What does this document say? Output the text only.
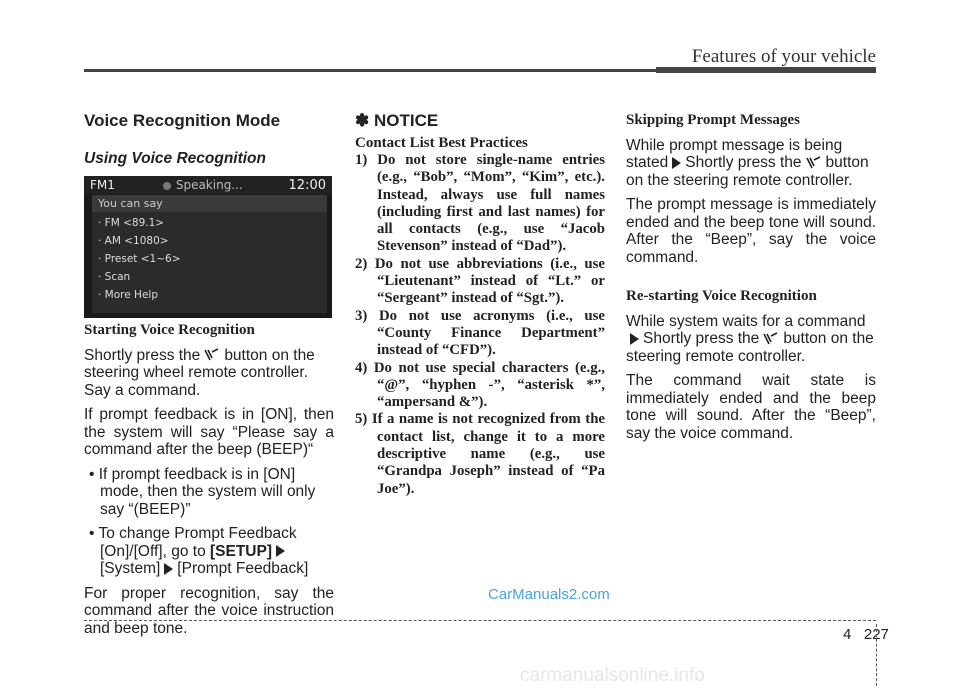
Features of your vehicle
Voice Recognition Mode
Using Voice Recognition
FM1	Speaking...	12:00
You can say
· FM <89.1>
· AM <1080>
· Preset <1~6>
· Scan
· More Help
Starting Voice Recognition

Shortly press the button on the steering wheel remote controller. Say a command.

If prompt feedback is in [ON], then the system will say “Please say a command after the beep (BEEP)“

• If prompt feedback is in [ON] mode, then the system will only say “(BEEP)”

• To change Prompt Feedback [On]/[Off], go to [SETUP] [System] [Prompt Feedback]

For proper recognition, say the command after the voice instruction and beep tone.

✽ NOTICE
Contact List Best Practices

1) Do not store single-name entries (e.g., “Bob”, “Mom”, “Kim”, etc.). Instead, always use full names (including first and last names) for all contacts (e.g., use “Jacob Stevenson” instead of “Dad”).

2) Do not use abbreviations (i.e., use “Lieutenant” instead of “Lt.” or “Sergeant” instead of “Sgt.”).

3) Do not use acronyms (i.e., use “County Finance Department” instead of “CFD”).

4) Do not use special characters (e.g., “@”, “hyphen -”, “asterisk *”, “ampersand &”).

5) If a name is not recognized from the contact list, change it to a more descriptive name (e.g., use “Grandpa Joseph” instead of “Pa Joe”).

Skipping Prompt Messages

While prompt message is being stated Shortly press the button on the steering remote controller.

The prompt message is immediately ended and the beep tone will sound. After the “Beep”, say the voice command.

Re-starting Voice Recognition

While system waits for a command
Shortly press the button on the steering remote controller.

The command wait state is immediately ended and the beep tone will sound. After the “Beep”, say the voice command.

CarManuals2.com
4 227
carmanualsonline.info
